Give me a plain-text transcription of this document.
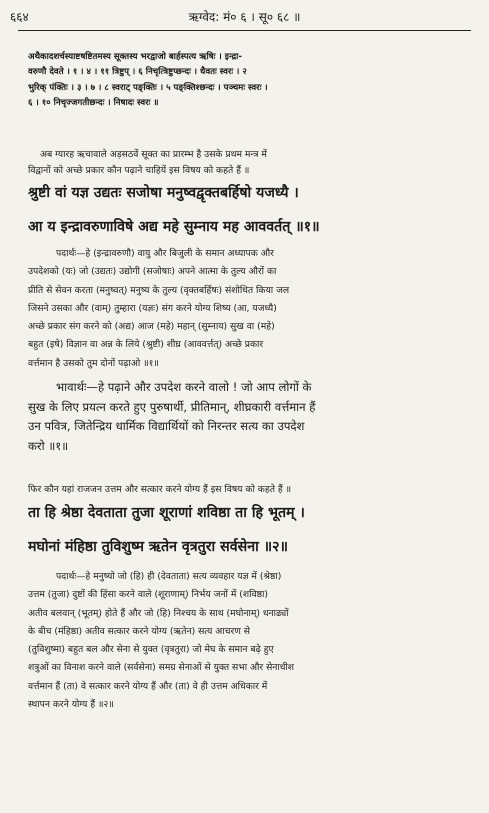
६६४	ऋग्वेद: मं० ६ । सू० ६८ ॥
अथैकादशर्चस्याष्टषष्टितमस्य सूक्तस्य भरद्वाजो बार्हस्पत्य ऋषिः । इन्द्रा-
वरुणौ देवते । १ । ४ । ११ त्रिष्टुप् । ६ निचृत्त्रिष्टुप्छन्दः । धैवतः स्वरः । २
भुरिक् पंक्तिः । ३ । ७ । ८ स्वराट् पङ्क्तिः । ५ पङ्क्तिश्छन्दः । पञ्चमः स्वरः ।
६ । १० निचृज्जगतीछन्दः । निषादः स्वरः ॥
अब ग्यारह ऋचावाले अड़सठवें सूक्त का प्रारम्भ है उसके प्रथम मन्त्र में
विद्वानों को अच्छे प्रकार कौन पढ़ाने चाहियें इस विषय को कहते हैं ॥
श्रुष्टी वां यज्ञ उद्यतः सजोषा मनुष्वद्वृक्तबर्हिषो यजध्यै ।
आ य इन्द्रावरुणाविषे अद्य महे सुम्नाय मह आववर्तत् ॥१॥
पदार्थः—हे (इन्द्रावरुणौ) वायु और बिजुली के समान अध्यापक और
उपदेशको (यः) जो (उद्यतः) उद्योगी (सजोषाः) अपने आत्मा के तुल्य औरों का
प्रीति से सेवन करता (मनुष्वत्) मनुष्य के तुल्य (वृक्तबर्हिषः) संशोधित किया जल
जिसने उसका और (वाम्) तुम्हारा (यज्ञः) संग करने योग्य शिष्य (आ, यजध्यै)
अच्छे प्रकार संग करने को (अद्य) आज (महे) महान् (सुम्नाय) सुख वा (महे)
बहुत (इषे) विज्ञान वा अन्न के लिये (श्रुष्टी) शीघ्र (आववर्त्तत्) अच्छे प्रकार
वर्त्तमान है उसको तुम दोनों पढ़ाओ ॥१॥
भावार्थः—हे पढ़ाने और उपदेश करने वालो ! जो आप लोगों के
सुख के लिए प्रयत्न करते हुए पुरुषार्थी, प्रीतिमान्, शीघ्रकारी वर्त्तमान हैं
उन पवित्र, जितेन्द्रिय धार्मिक विद्यार्थियों को निरन्तर सत्य का उपदेश
करो ॥१॥
फिर कौन यहां राजजन उत्तम और सत्कार करने योग्य हैं इस विषय को कहते हैं ॥
ता हि श्रेष्ठा देवताता तुजा शूराणां शविष्ठा ता हि भूतम् ।
मघोनां मंहिष्ठा तुविशुष्म ऋतेन वृत्रतुरा सर्वसेना ॥२॥
पदार्थः—हे मनुष्यो जो (हि) ही (देवताता) सत्य व्यवहार यज्ञ में (श्रेष्ठा)
उत्तम (तुजा) दुष्टों की हिंसा करने वाले (शूराणाम्) निर्भय जनों में (शविष्ठा)
अतीव बलवान् (भूतम्) होते हैं और जो (हि) निश्चय के साथ (मघोनाम्) धनाढ्यों
के बीच (मंहिष्ठा) अतीव सत्कार करने योग्य (ऋतेन) सत्य आचरण से
(तुविशुष्मा) बहुत बल और सेना से युक्त (वृत्रतुरा) जो मेघ के समान बढ़े हुए
शत्रुओं का विनाश करने वाले (सर्वसेना) समग्र सेनाओं से युक्त सभा और सेनाधीश
वर्त्तमान हैं (ता) वे सत्कार करने योग्य हैं और (ता) वे ही उत्तम अधिकार में
स्थापन करने योग्य हैं ॥२॥
